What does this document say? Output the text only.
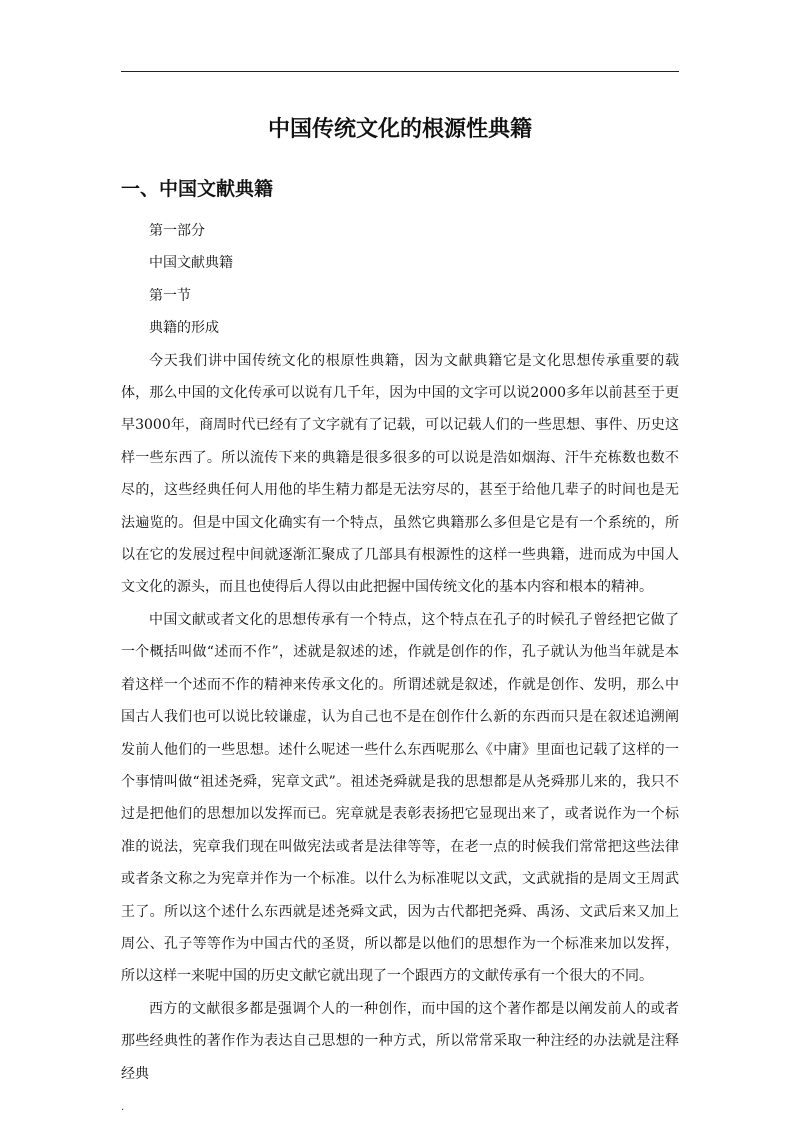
中国传统文化的根源性典籍
一、中国文献典籍

第一部分

中国文献典籍

第一节

典籍的形成

今天我们讲中国传统文化的根原性典籍，因为文献典籍它是文化思想传承重要的载体，那么中国的文化传承可以说有几千年，因为中国的文字可以说2000多年以前甚至于更早3000年，商周时代已经有了文字就有了记载，可以记载人们的一些思想、事件、历史这样一些东西了。所以流传下来的典籍是很多很多的可以说是浩如烟海、汗牛充栋数也数不尽的，这些经典任何人用他的毕生精力都是无法穷尽的，甚至于给他几辈子的时间也是无法遍览的。但是中国文化确实有一个特点，虽然它典籍那么多但是它是有一个系统的，所以在它的发展过程中间就逐渐汇聚成了几部具有根源性的这样一些典籍，进而成为中国人文文化的源头，而且也使得后人得以由此把握中国传统文化的基本内容和根本的精神。

中国文献或者文化的思想传承有一个特点，这个特点在孔子的时候孔子曾经把它做了一个概括叫做“述而不作”，述就是叙述的述，作就是创作的作，孔子就认为他当年就是本着这样一个述而不作的精神来传承文化的。所谓述就是叙述，作就是创作、发明，那么中国古人我们也可以说比较谦虚，认为自己也不是在创作什么新的东西而只是在叙述追溯阐发前人他们的一些思想。述什么呢述一些什么东西呢那么《中庸》里面也记载了这样的一个事情叫做“祖述尧舜，宪章文武”。祖述尧舜就是我的思想都是从尧舜那儿来的，我只不过是把他们的思想加以发挥而已。宪章就是表彰表扬把它显现出来了，或者说作为一个标准的说法，宪章我们现在叫做宪法或者是法律等等，在老一点的时候我们常常把这些法律或者条文称之为宪章并作为一个标准。以什么为标准呢以文武，文武就指的是周文王周武王了。所以这个述什么东西就是述尧舜文武，因为古代都把尧舜、禹汤、文武后来又加上周公、孔子等等作为中国古代的圣贤，所以都是以他们的思想作为一个标准来加以发挥，所以这样一来呢中国的历史文献它就出现了一个跟西方的文献传承有一个很大的不同。

西方的文献很多都是强调个人的一种创作，而中国的这个著作都是以阐发前人的或者那些经典性的著作作为表达自己思想的一种方式，所以常常采取一种注经的办法就是注释经典

.
